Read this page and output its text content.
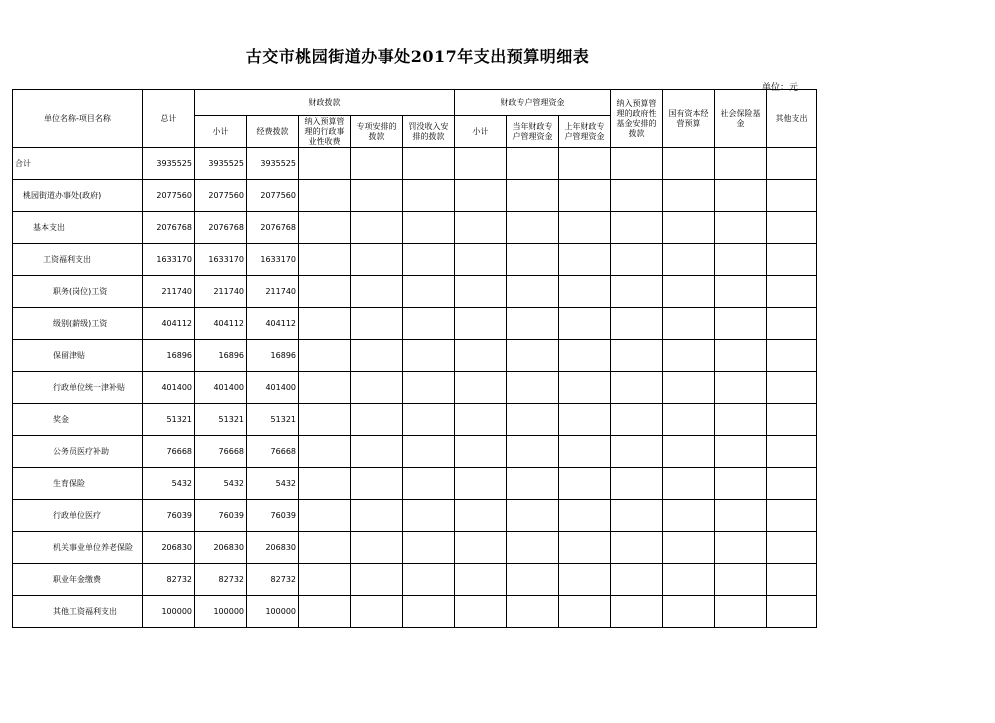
古交市桃园街道办事处2017年支出预算明细表
单位：元
单位名称-项目名称	总计	财政拨款					财政专户管理资金			纳入预算管理的政府性基金安排的拨款	国有资本经营预算	社会保险基金	其他支出
		小计	经费拨款	纳入预算管理的行政事业性收费	专项安排的拨款	罚没收入安排的拨款	小计	当年财政专户管理资金	上年财政专户管理资金				
合计	3935525	3935525	3935525										
桃园街道办事处(政府)	2077560	2077560	2077560										
基本支出	2076768	2076768	2076768										
工资福利支出	1633170	1633170	1633170										
职务(岗位)工资	211740	211740	211740										
级别(薪级)工资	404112	404112	404112										
保留津贴	16896	16896	16896										
行政单位统一津补贴	401400	401400	401400										
奖金	51321	51321	51321										
公务员医疗补助	76668	76668	76668										
生育保险	5432	5432	5432										
行政单位医疗	76039	76039	76039										
机关事业单位养老保险	206830	206830	206830										
职业年金缴费	82732	82732	82732										
其他工资福利支出	100000	100000	100000										
